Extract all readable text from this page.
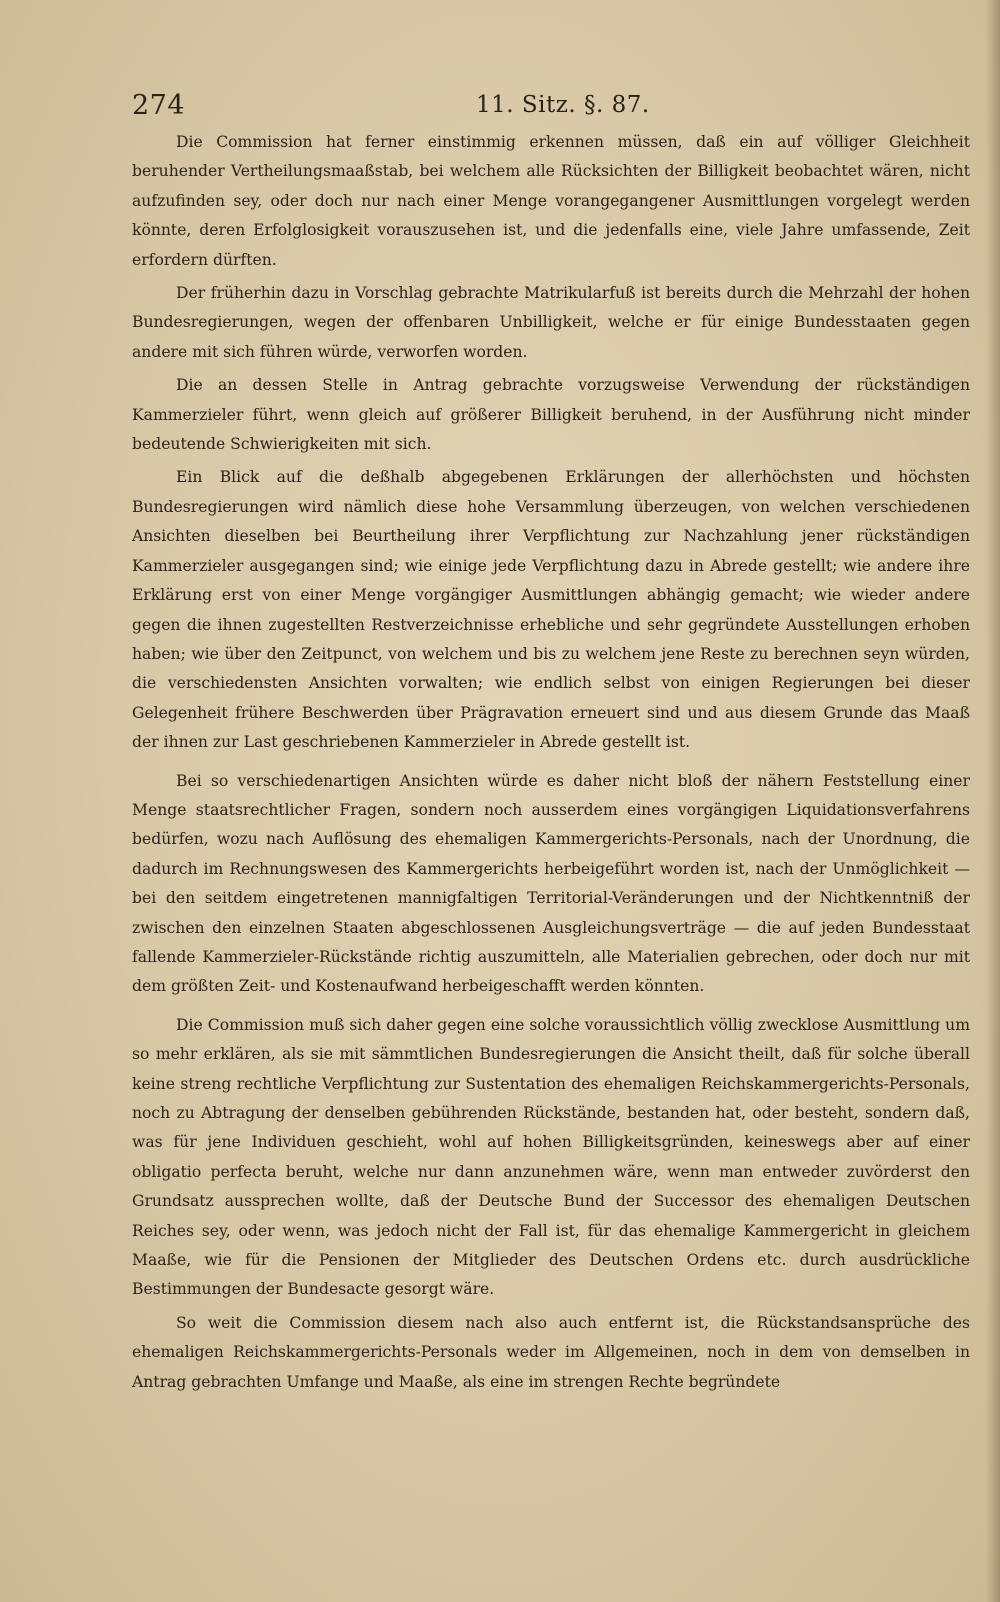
274	11. Sitz. §. 87.

Die Commission hat ferner einstimmig erkennen müssen, daß ein auf völliger Gleichheit beruhender Vertheilungsmaaßstab, bei welchem alle Rücksichten der Billigkeit beobachtet wären, nicht aufzufinden sey, oder doch nur nach einer Menge vorangegangener Ausmittlungen vorgelegt werden könnte, deren Erfolglosigkeit vorauszusehen ist, und die jedenfalls eine, viele Jahre umfassende, Zeit erfordern dürften.

Der früherhin dazu in Vorschlag gebrachte Matrikularfuß ist bereits durch die Mehrzahl der hohen Bundesregierungen, wegen der offenbaren Unbilligkeit, welche er für einige Bundesstaaten gegen andere mit sich führen würde, verworfen worden.

Die an dessen Stelle in Antrag gebrachte vorzugsweise Verwendung der rückständigen Kammerzieler führt, wenn gleich auf größerer Billigkeit beruhend, in der Ausführung nicht minder bedeutende Schwierigkeiten mit sich.

Ein Blick auf die deßhalb abgegebenen Erklärungen der allerhöchsten und höchsten Bundesregierungen wird nämlich diese hohe Versammlung überzeugen, von welchen verschiedenen Ansichten dieselben bei Beurtheilung ihrer Verpflichtung zur Nachzahlung jener rückständigen Kammerzieler ausgegangen sind; wie einige jede Verpflichtung dazu in Abrede gestellt; wie andere ihre Erklärung erst von einer Menge vorgängiger Ausmittlungen abhängig gemacht; wie wieder andere gegen die ihnen zugestellten Restverzeichnisse erhebliche und sehr gegründete Ausstellungen erhoben haben; wie über den Zeitpunct, von welchem und bis zu welchem jene Reste zu berechnen seyn würden, die verschiedensten Ansichten vorwalten; wie endlich selbst von einigen Regierungen bei dieser Gelegenheit frühere Beschwerden über Prägravation erneuert sind und aus diesem Grunde das Maaß der ihnen zur Last geschriebenen Kammerzieler in Abrede gestellt ist.

Bei so verschiedenartigen Ansichten würde es daher nicht bloß der nähern Feststellung einer Menge staatsrechtlicher Fragen, sondern noch ausserdem eines vorgängigen Liquidationsverfahrens bedürfen, wozu nach Auflösung des ehemaligen Kammergerichts-Personals, nach der Unordnung, die dadurch im Rechnungswesen des Kammergerichts herbeigeführt worden ist, nach der Unmöglichkeit — bei den seitdem eingetretenen mannigfaltigen Territorial-Veränderungen und der Nichtkenntniß der zwischen den einzelnen Staaten abgeschlossenen Ausgleichungsverträge — die auf jeden Bundesstaat fallende Kammerzieler-Rückstände richtig auszumitteln, alle Materialien gebrechen, oder doch nur mit dem größten Zeit- und Kostenaufwand herbeigeschafft werden könnten.

Die Commission muß sich daher gegen eine solche voraussichtlich völlig zwecklose Ausmittlung um so mehr erklären, als sie mit sämmtlichen Bundesregierungen die Ansicht theilt, daß für solche überall keine streng rechtliche Verpflichtung zur Sustentation des ehemaligen Reichskammergerichts-Personals, noch zu Abtragung der denselben gebührenden Rückstände, bestanden hat, oder besteht, sondern daß, was für jene Individuen geschieht, wohl auf hohen Billigkeitsgründen, keineswegs aber auf einer obligatio perfecta beruht, welche nur dann anzunehmen wäre, wenn man entweder zuvörderst den Grundsatz aussprechen wollte, daß der Deutsche Bund der Successor des ehemaligen Deutschen Reiches sey, oder wenn, was jedoch nicht der Fall ist, für das ehemalige Kammergericht in gleichem Maaße, wie für die Pensionen der Mitglieder des Deutschen Ordens etc. durch ausdrückliche Bestimmungen der Bundesacte gesorgt wäre.

So weit die Commission diesem nach also auch entfernt ist, die Rückstandsansprüche des ehemaligen Reichskammergerichts-Personals weder im Allgemeinen, noch in dem von demselben in Antrag gebrachten Umfange und Maaße, als eine im strengen Rechte begründete
